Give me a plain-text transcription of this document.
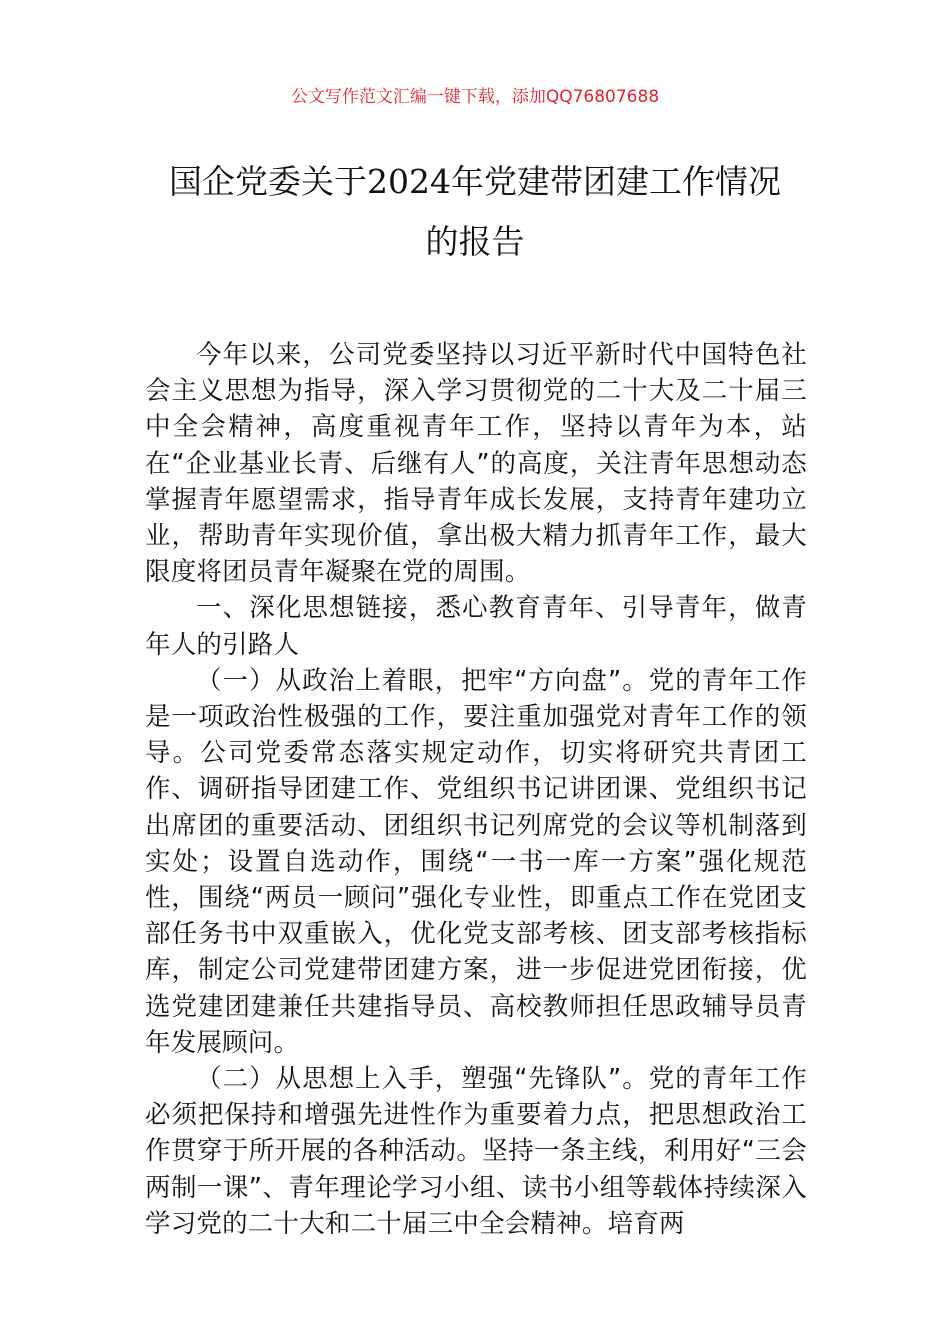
公文写作范文汇编一键下载，添加QQ76807688
国企党委关于2024年党建带团建工作情况
的报告

今年以来，公司党委坚持以习近平新时代中国特色社会主义思想为指导，深入学习贯彻党的二十大及二十届三中全会精神，高度重视青年工作，坚持以青年为本，站在“企业基业长青、后继有人”的高度，关注青年思想动态掌握青年愿望需求，指导青年成长发展，支持青年建功立业，帮助青年实现价值，拿出极大精力抓青年工作，最大限度将团员青年凝聚在党的周围。

一、深化思想链接，悉心教育青年、引导青年，做青年人的引路人

（一）从政治上着眼，把牢“方向盘”。党的青年工作是一项政治性极强的工作，要注重加强党对青年工作的领导。公司党委常态落实规定动作，切实将研究共青团工作、调研指导团建工作、党组织书记讲团课、党组织书记出席团的重要活动、团组织书记列席党的会议等机制落到实处；设置自选动作，围绕“一书一库一方案”强化规范性，围绕“两员一顾问”强化专业性，即重点工作在党团支部任务书中双重嵌入，优化党支部考核、团支部考核指标库，制定公司党建带团建方案，进一步促进党团衔接，优选党建团建兼任共建指导员、高校教师担任思政辅导员青年发展顾问。

（二）从思想上入手，塑强“先锋队”。党的青年工作必须把保持和增强先进性作为重要着力点，把思想政治工作贯穿于所开展的各种活动。坚持一条主线，利用好“三会两制一课”、青年理论学习小组、读书小组等载体持续深入学习党的二十大和二十届三中全会精神。培育两
